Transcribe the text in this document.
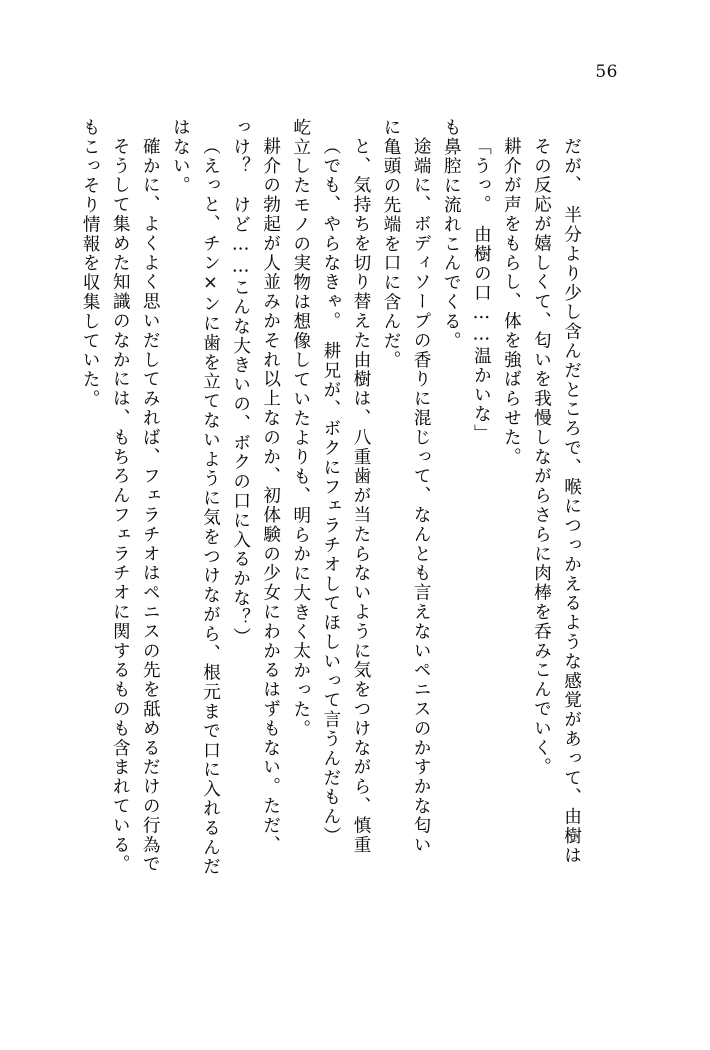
56
もこっそり情報を収集していた。 そうして集めた知識のなかには、もちろんフェラチオに関するものも含まれている。 確かに、よくよく思いだしてみれば、フェラチオはペニスの先を舐めるだけの行為で はない。 （えっと、チン×ンに歯を立てないように気をつけながら、根元まで口に入れるんだ っけ？　けど……こんな大きいの、ボクの口に入るかな？） 耕介の勃起が人並みかそれ以上なのか、初体験の少女にわかるはずもない。ただ、 屹立したモノの実物は想像していたよりも、明らかに大きく太かった。 （でも、やらなきゃ。　耕兄が、ボクにフェラチオしてほしいって言うんだもん） と、気持ちを切り替えた由樹は、八重歯が当たらないように気をつけながら、慎重 に亀頭の先端を口に含んだ。 途端に、ボディソープの香りに混じって、なんとも言えないペニスのかすかな匂い も鼻腔に流れこんでくる。 「うっ。　由樹の口……温かいな」 耕介が声をもらし、体を強ばらせた。 その反応が嬉しくて、匂いを我慢しながらさらに肉棒を呑みこんでいく。 だが、　半分より少し含んだところで、喉につっかえるような感覚があって、由樹は
